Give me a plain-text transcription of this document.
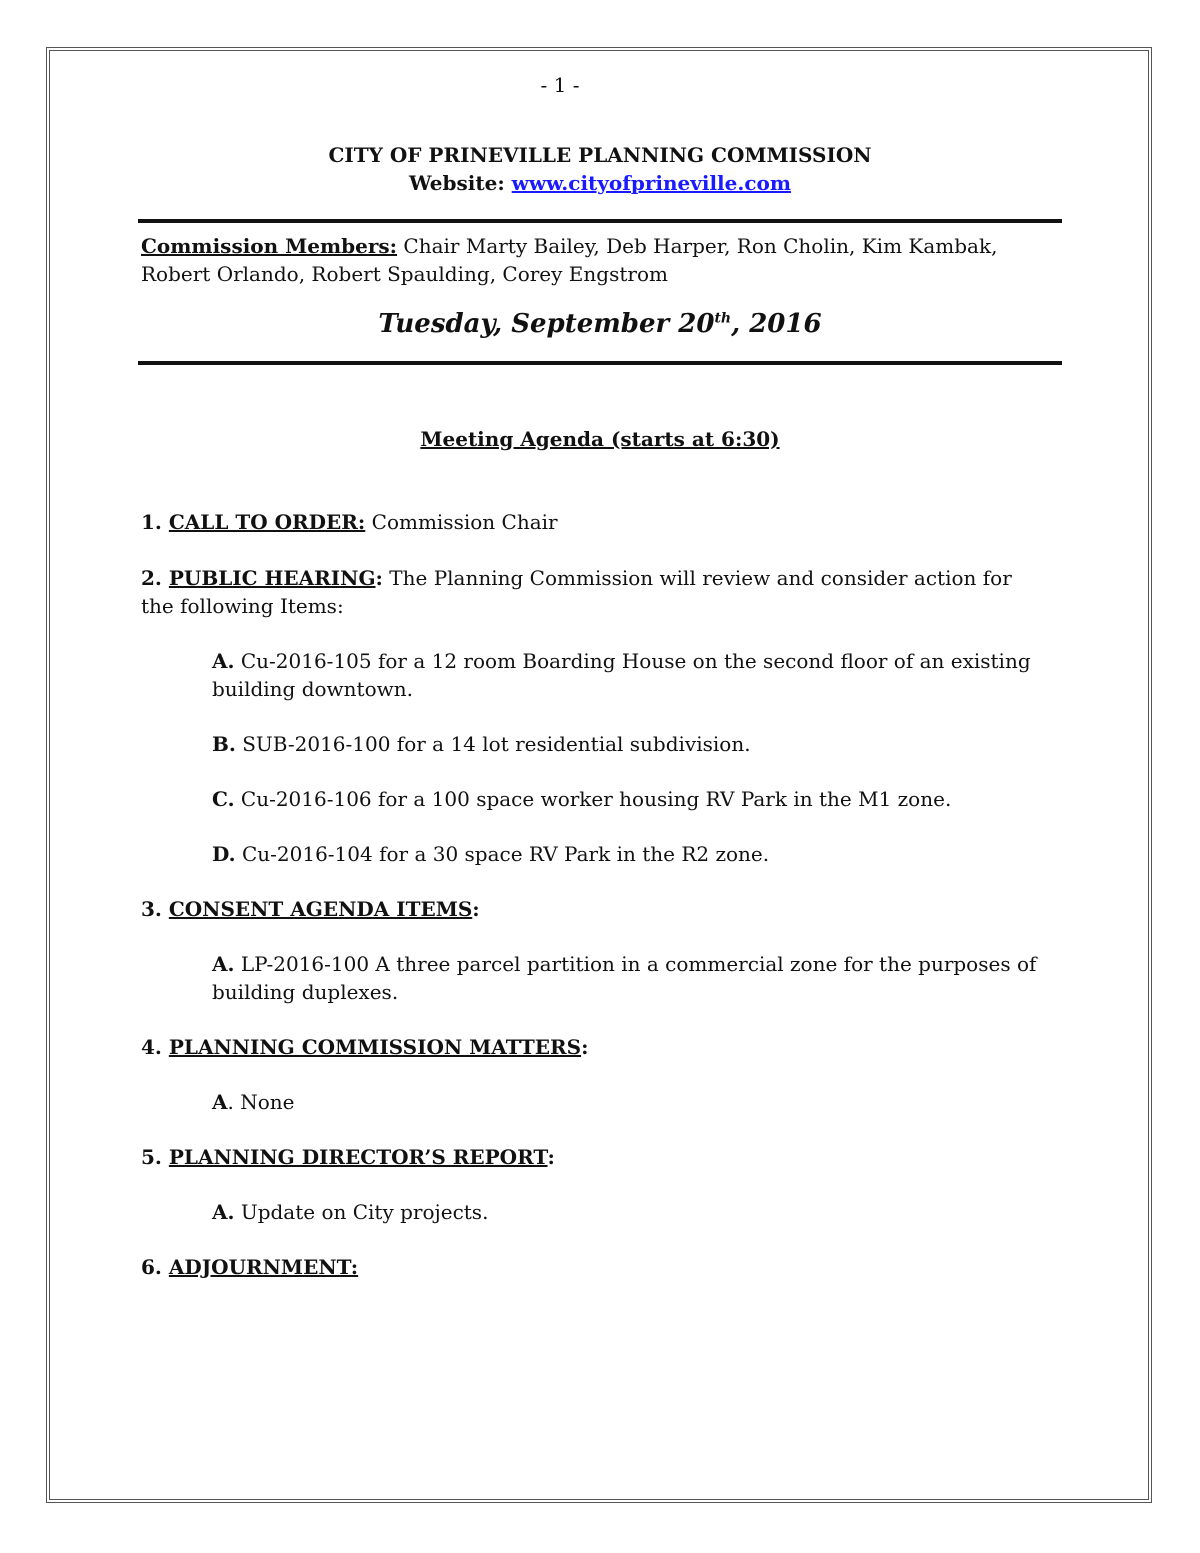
- 1 -
CITY OF PRINEVILLE PLANNING COMMISSION
Website: www.cityofprineville.com
Commission Members: Chair Marty Bailey, Deb Harper, Ron Cholin, Kim Kambak, Robert Orlando, Robert Spaulding, Corey Engstrom
Tuesday, September 20th, 2016
Meeting Agenda (starts at 6:30)
1. CALL TO ORDER: Commission Chair
2. PUBLIC HEARING: The Planning Commission will review and consider action for the following Items:
A. Cu-2016-105 for a 12 room Boarding House on the second floor of an existing building downtown.
B. SUB-2016-100 for a 14 lot residential subdivision.
C. Cu-2016-106 for a 100 space worker housing RV Park in the M1 zone.
D. Cu-2016-104 for a 30 space RV Park in the R2 zone.
3. CONSENT AGENDA ITEMS:
A. LP-2016-100 A three parcel partition in a commercial zone for the purposes of building duplexes.
4. PLANNING COMMISSION MATTERS:
A. None
5. PLANNING DIRECTOR’S REPORT:
A. Update on City projects.
6. ADJOURNMENT:
